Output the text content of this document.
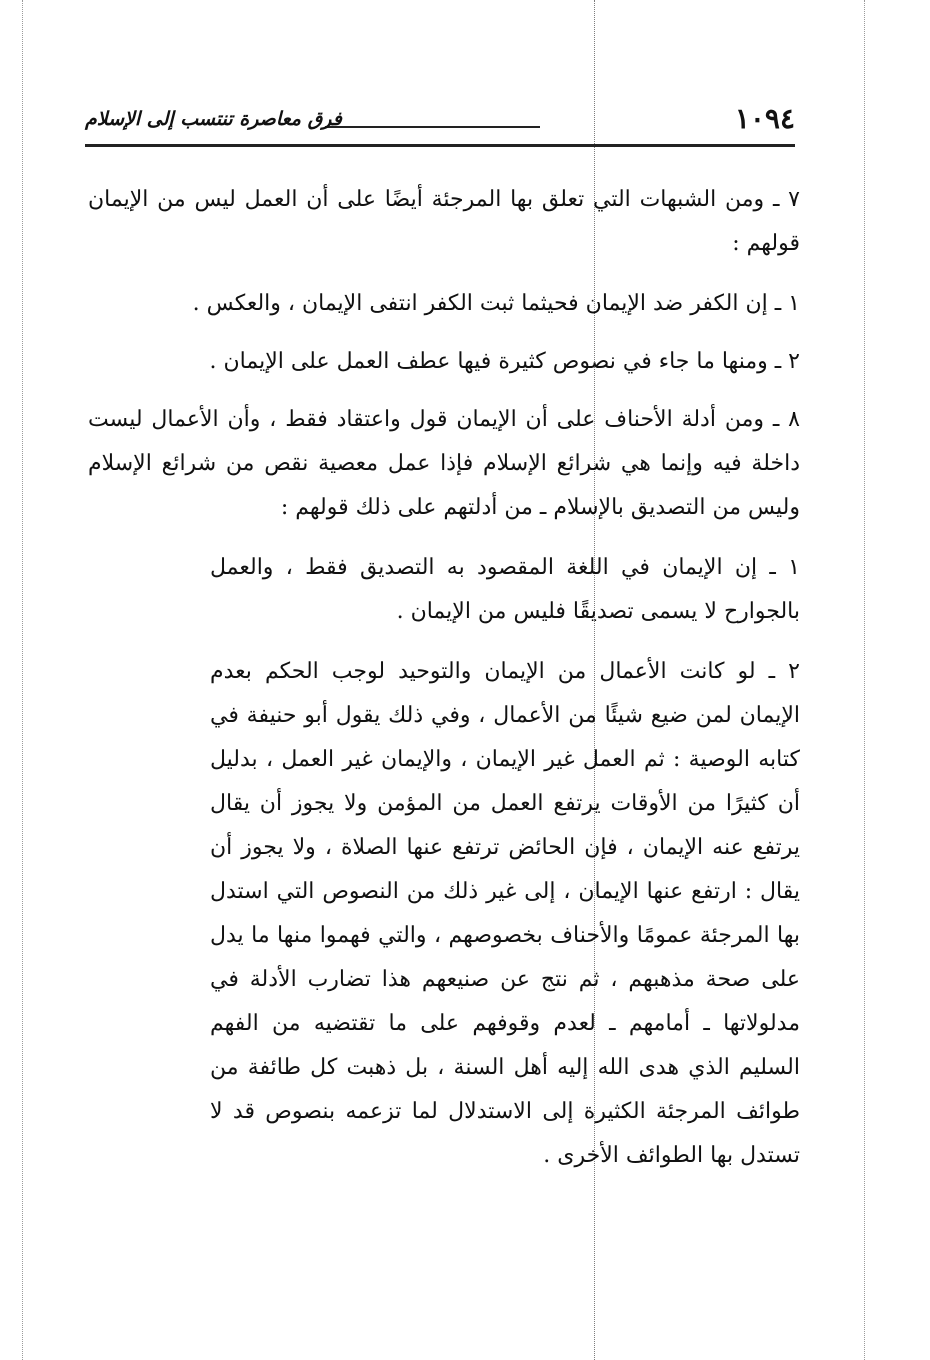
١٠٩٤
فرق معاصرة تنتسب إلى الإسلام

٧ ـ ومن الشبهات التي تعلق بها المرجئة أيضًا على أن العمل ليس من الإيمان قولهم :

١ ـ إن الكفر ضد الإيمان فحيثما ثبت الكفر انتفى الإيمان ، والعكس .

٢ ـ ومنها ما جاء في نصوص كثيرة فيها عطف العمل على الإيمان .

٨ ـ ومن أدلة الأحناف على أن الإيمان قول واعتقاد فقط ، وأن الأعمال ليست داخلة فيه وإنما هي شرائع الإسلام فإذا عمل معصية نقص من شرائع الإسلام وليس من التصديق بالإسلام ـ من أدلتهم على ذلك قولهم :

١ ـ إن الإيمان في اللغة المقصود به التصديق فقط ، والعمل بالجوارح لا يسمى تصديقًا فليس من الإيمان .

٢ ـ لو كانت الأعمال من الإيمان والتوحيد لوجب الحكم بعدم الإيمان لمن ضيع شيئًا من الأعمال ، وفي ذلك يقول أبو حنيفة في كتابه الوصية : ثم العمل غير الإيمان ، والإيمان غير العمل ، بدليل أن كثيرًا من الأوقات يرتفع العمل من المؤمن ولا يجوز أن يقال يرتفع عنه الإيمان ، فإن الحائض ترتفع عنها الصلاة ، ولا يجوز أن يقال : ارتفع عنها الإيمان ، إلى غير ذلك من النصوص التي استدل بها المرجئة عمومًا والأحناف بخصوصهم ، والتي فهموا منها ما يدل على صحة مذهبهم ، ثم نتج عن صنيعهم هذا تضارب الأدلة في مدلولاتها ـ أمامهم ـ لعدم وقوفهم على ما تقتضيه من الفهم السليم الذي هدى الله إليه أهل السنة ، بل ذهبت كل طائفة من طوائف المرجئة الكثيرة إلى الاستدلال لما تزعمه بنصوص قد لا تستدل بها الطوائف الأخرى .
